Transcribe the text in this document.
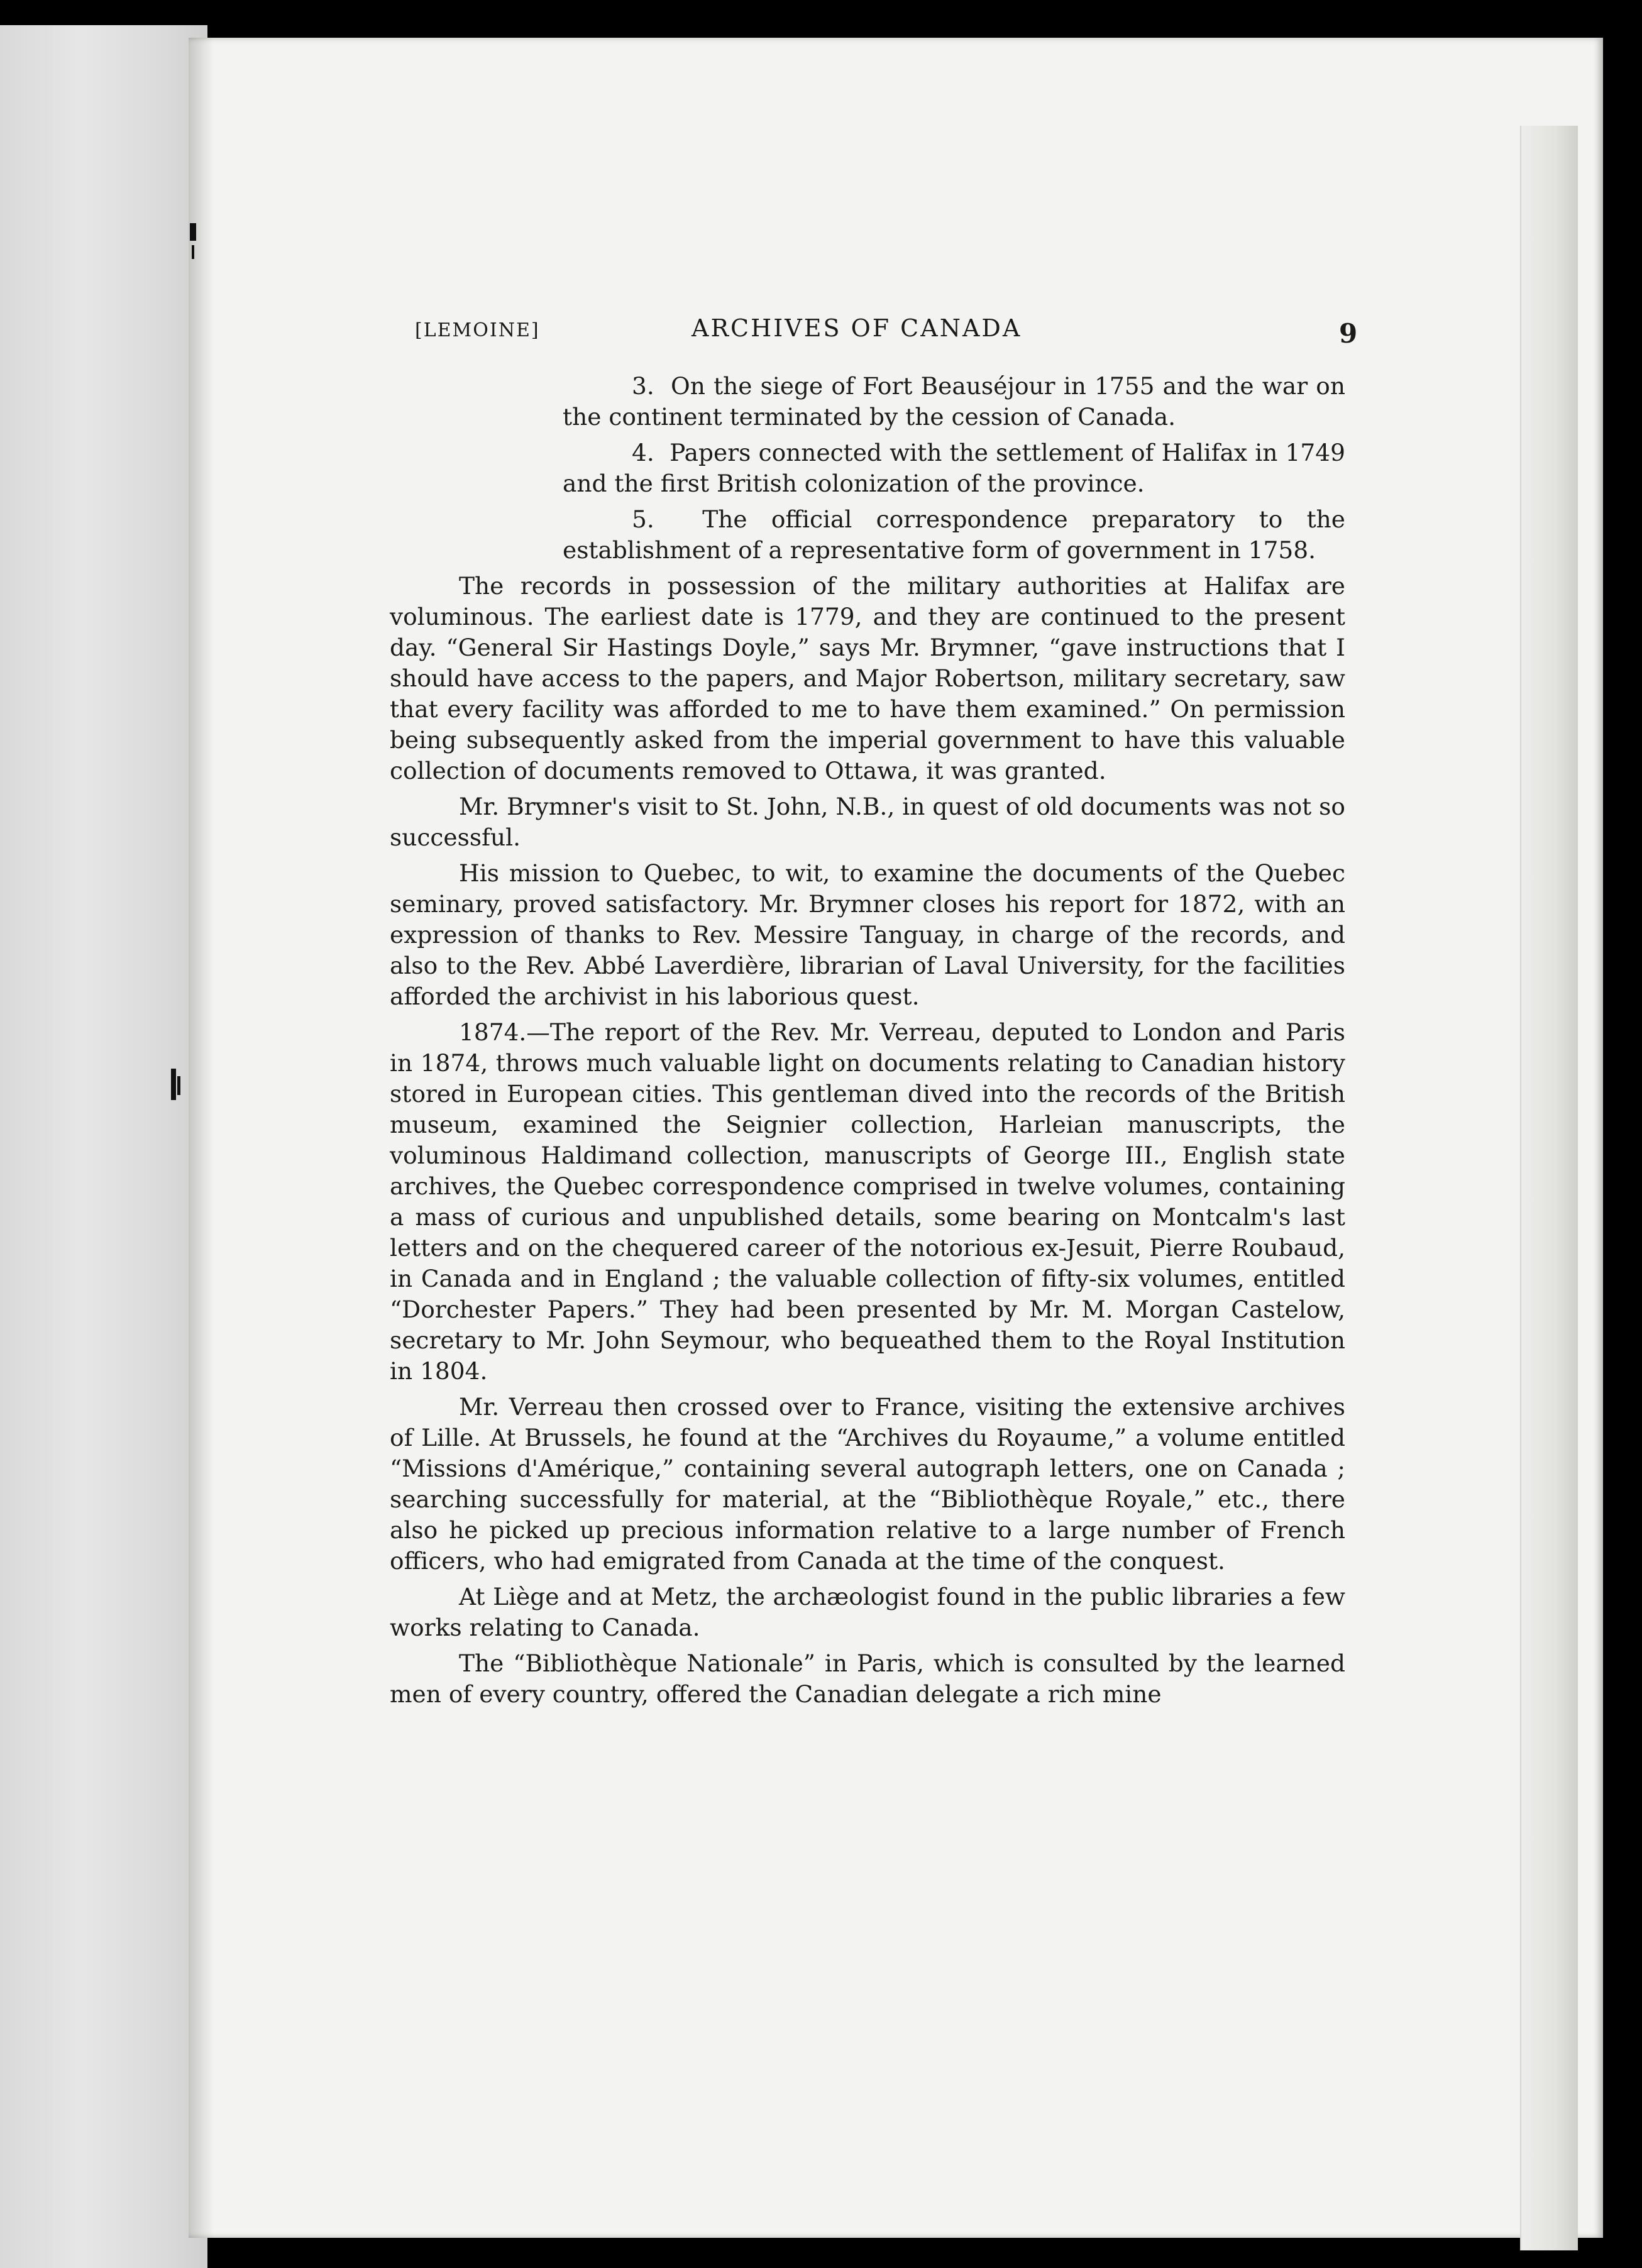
[LEMOINE]	ARCHIVES OF CANADA	9

3. On the siege of Fort Beauséjour in 1755 and the war on the continent terminated by the cession of Canada.

4. Papers connected with the settlement of Halifax in 1749 and the first British colonization of the province.

5. The official correspondence preparatory to the establishment of a representative form of government in 1758.

The records in possession of the military authorities at Halifax are voluminous. The earliest date is 1779, and they are continued to the present day. “General Sir Hastings Doyle,” says Mr. Brymner, “gave instructions that I should have access to the papers, and Major Robertson, military secretary, saw that every facility was afforded to me to have them examined.” On permission being subsequently asked from the imperial government to have this valuable collection of documents removed to Ottawa, it was granted.

Mr. Brymner's visit to St. John, N.B., in quest of old documents was not so successful.

His mission to Quebec, to wit, to examine the documents of the Quebec seminary, proved satisfactory. Mr. Brymner closes his report for 1872, with an expression of thanks to Rev. Messire Tanguay, in charge of the records, and also to the Rev. Abbé Laverdière, librarian of Laval University, for the facilities afforded the archivist in his laborious quest.

1874.—The report of the Rev. Mr. Verreau, deputed to London and Paris in 1874, throws much valuable light on documents relating to Canadian history stored in European cities. This gentleman dived into the records of the British museum, examined the Seignier collection, Harleian manuscripts, the voluminous Haldimand collection, manuscripts of George III., English state archives, the Quebec correspondence comprised in twelve volumes, containing a mass of curious and unpublished details, some bearing on Montcalm's last letters and on the chequered career of the notorious ex-Jesuit, Pierre Roubaud, in Canada and in England ; the valuable collection of fifty-six volumes, entitled “Dorchester Papers.” They had been presented by Mr. M. Morgan Castelow, secretary to Mr. John Seymour, who bequeathed them to the Royal Institution in 1804.

Mr. Verreau then crossed over to France, visiting the extensive archives of Lille. At Brussels, he found at the “Archives du Royaume,” a volume entitled “Missions d'Amérique,” containing several autograph letters, one on Canada ; searching successfully for material, at the “Bibliothèque Royale,” etc., there also he picked up precious information relative to a large number of French officers, who had emigrated from Canada at the time of the conquest.

At Liège and at Metz, the archæologist found in the public libraries a few works relating to Canada.

The “Bibliothèque Nationale” in Paris, which is consulted by the learned men of every country, offered the Canadian delegate a rich mine
